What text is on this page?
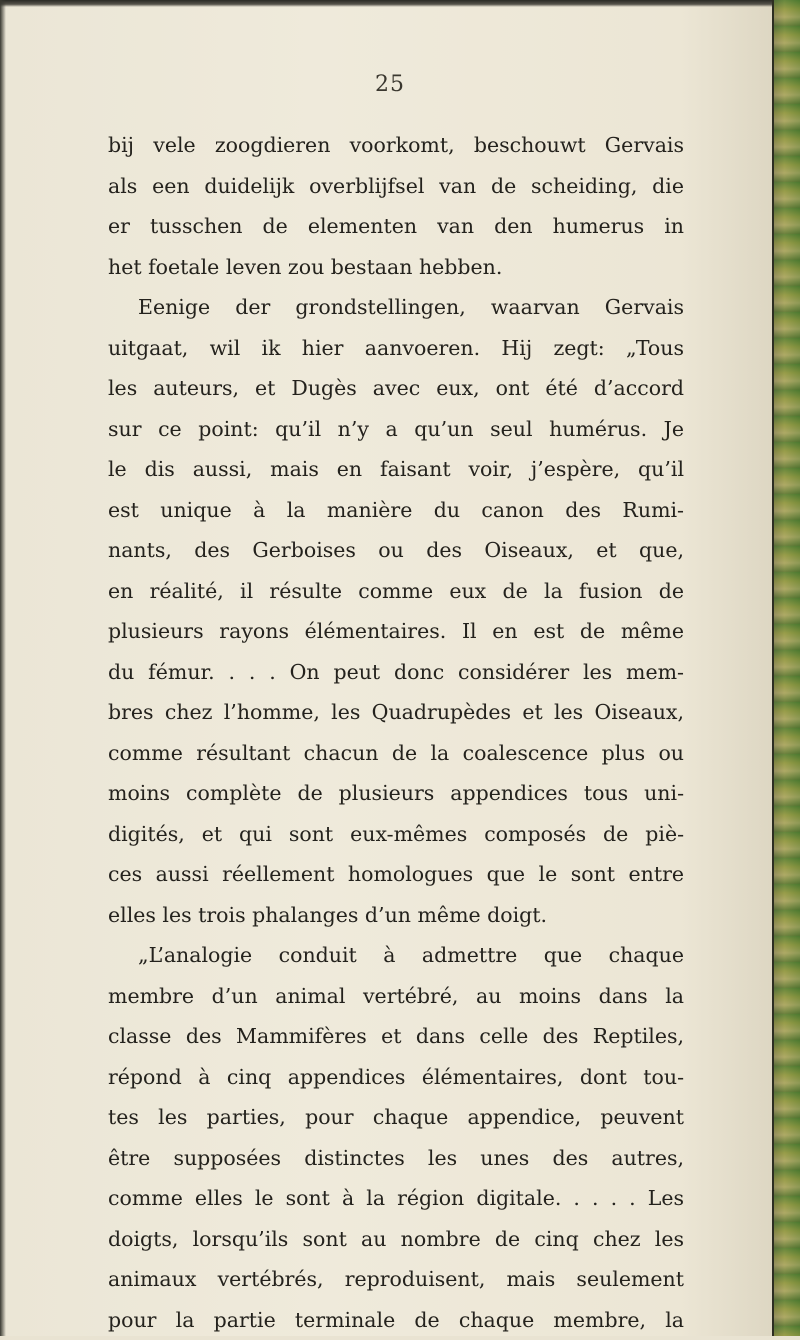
25
bij vele zoogdieren voorkomt, beschouwt Gervais
als een duidelijk overblijfsel van de scheiding, die
er tusschen de elementen van den humerus in
het foetale leven zou bestaan hebben.
Eenige der grondstellingen, waarvan Gervais
uitgaat, wil ik hier aanvoeren. Hij zegt: „Tous
les auteurs, et Dugès avec eux, ont été d’accord
sur ce point: qu’il n’y a qu’un seul humérus. Je
le dis aussi, mais en faisant voir, j’espère, qu’il
est unique à la manière du canon des Rumi-
nants, des Gerboises ou des Oiseaux, et que,
en réalité, il résulte comme eux de la fusion de
plusieurs rayons élémentaires. Il en est de même
du fémur. . . . On peut donc considérer les mem-
bres chez l’homme, les Quadrupèdes et les Oiseaux,
comme résultant chacun de la coalescence plus ou
moins complète de plusieurs appendices tous uni-
digités, et qui sont eux-mêmes composés de piè-
ces aussi réellement homologues que le sont entre
elles les trois phalanges d’un même doigt.
„L’analogie conduit à admettre que chaque
membre d’un animal vertébré, au moins dans la
classe des Mammifères et dans celle des Reptiles,
répond à cinq appendices élémentaires, dont tou-
tes les parties, pour chaque appendice, peuvent
être supposées distinctes les unes des autres,
comme elles le sont à la région digitale. . . . . Les
doigts, lorsqu’ils sont au nombre de cinq chez les
animaux vertébrés, reproduisent, mais seulement
pour la partie terminale de chaque membre, la
